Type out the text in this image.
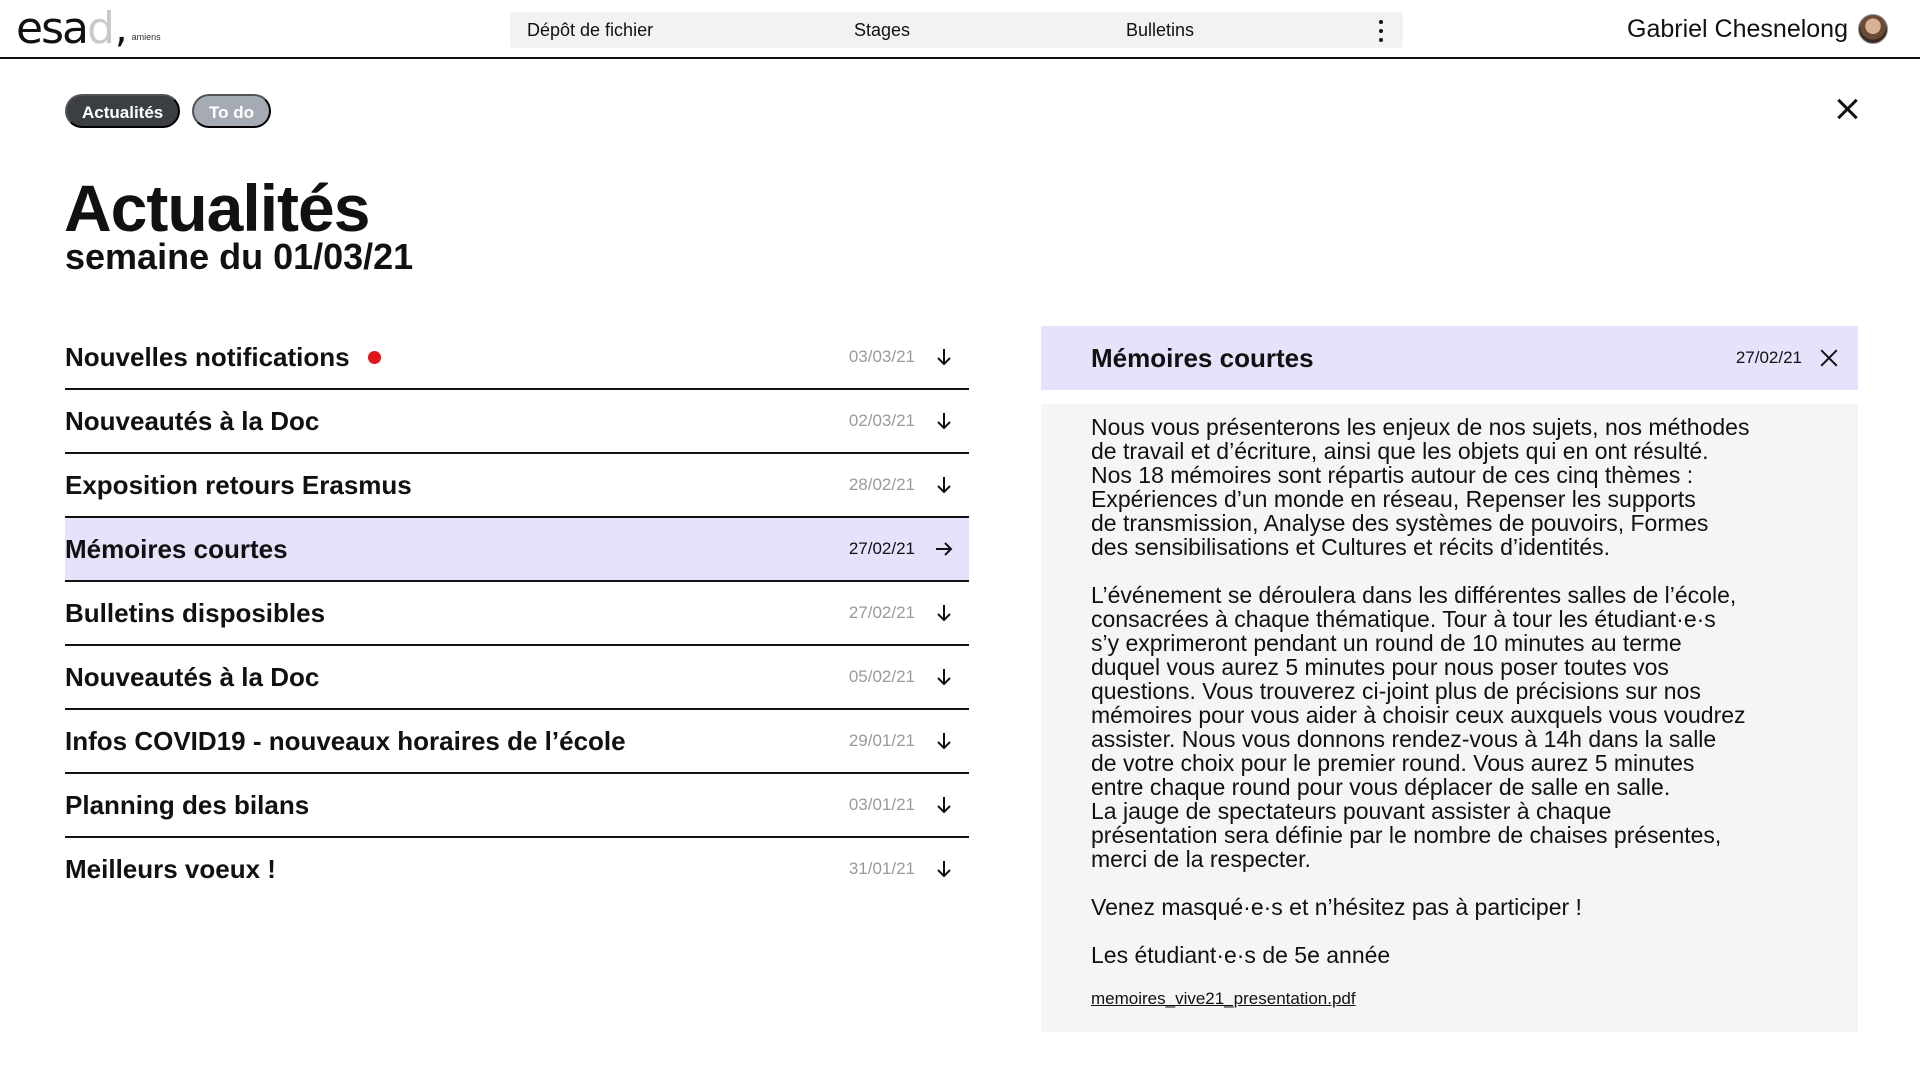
esad , amiens	Dépôt de fichier	Stages	Bulletins	Gabriel Chesnelong
Actualités	To do
Actualités
semaine du 01/03/21
Nouvelles notifications	03/03/21
Nouveautés à la Doc	02/03/21
Exposition retours Erasmus	28/02/21
Mémoires courtes	27/02/21
Bulletins disposibles	27/02/21
Nouveautés à la Doc	05/02/21
Infos COVID19 - nouveaux horaires de l’école	29/01/21
Planning des bilans	03/01/21
Meilleurs voeux !	31/01/21
Mémoires courtes	27/02/21

Nous vous présenterons les enjeux de nos sujets, nos méthodes
de travail et d’écriture, ainsi que les objets qui en ont résulté.
Nos 18 mémoires sont répartis autour de ces cinq thèmes :
Expériences d’un monde en réseau, Repenser les supports
de transmission, Analyse des systèmes de pouvoirs, Formes
des sensibilisations et Cultures et récits d’identités.

L’événement se déroulera dans les différentes salles de l’école,
consacrées à chaque thématique. Tour à tour les étudiant·e·s
s’y exprimeront pendant un round de 10 minutes au terme
duquel vous aurez 5 minutes pour nous poser toutes vos
questions. Vous trouverez ci-joint plus de précisions sur nos
mémoires pour vous aider à choisir ceux auxquels vous voudrez
assister. Nous vous donnons rendez-vous à 14h dans la salle
de votre choix pour le premier round. Vous aurez 5 minutes
entre chaque round pour vous déplacer de salle en salle.
La jauge de spectateurs pouvant assister à chaque
présentation sera définie par le nombre de chaises présentes,
merci de la respecter.

Venez masqué·e·s et n’hésitez pas à participer !

Les étudiant·e·s de 5e année

memoires_vive21_presentation.pdf
